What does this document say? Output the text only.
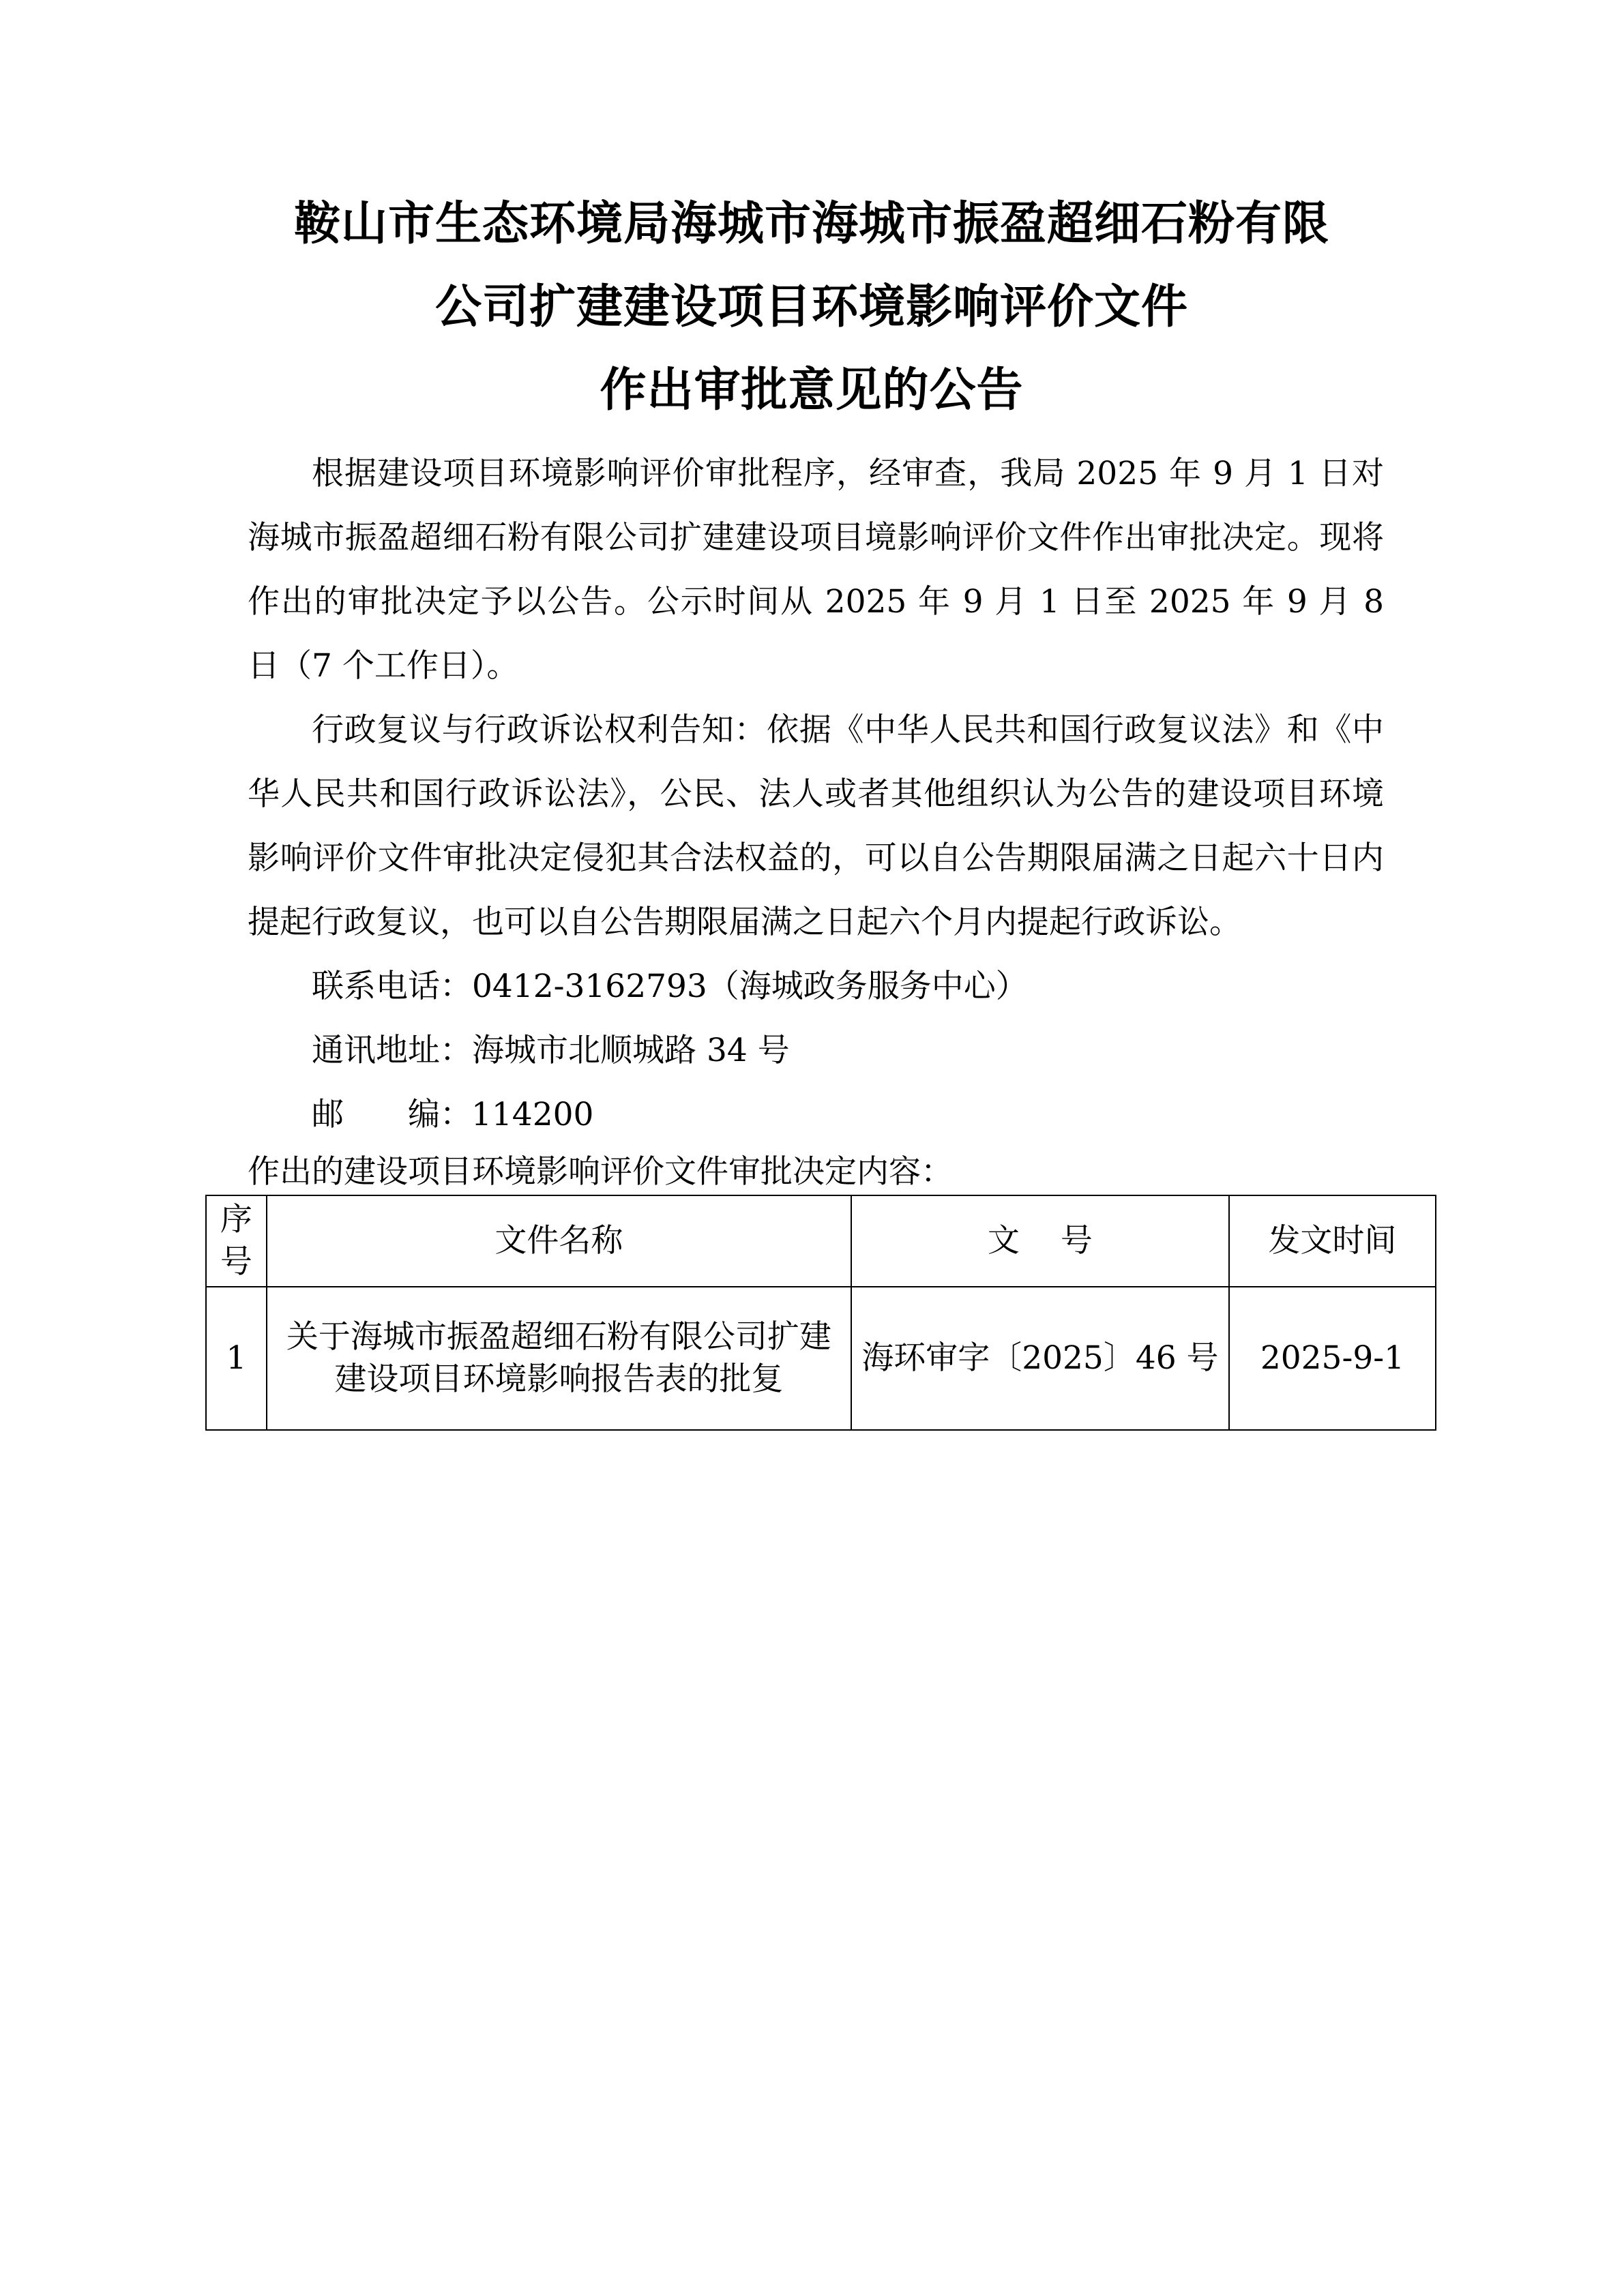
鞍山市生态环境局海城市海城市振盈超细石粉有限
公司扩建建设项目环境影响评价文件
作出审批意见的公告
根据建设项目环境影响评价审批程序，经审查，我局 2025 年 9 月 1 日对海城市振盈超细石粉有限公司扩建建设项目境影响评价文件作出审批决定。现将作出的审批决定予以公告。公示时间从 2025 年 9 月 1 日至 2025 年 9 月 8 日（7 个工作日）。
行政复议与行政诉讼权利告知：依据《中华人民共和国行政复议法》和《中华人民共和国行政诉讼法》，公民、法人或者其他组织认为公告的建设项目环境影响评价文件审批决定侵犯其合法权益的，可以自公告期限届满之日起六十日内提起行政复议，也可以自公告期限届满之日起六个月内提起行政诉讼。
联系电话：0412-3162793（海城政务服务中心）
通讯地址：海城市北顺城路 34 号
邮　　编：114200
作出的建设项目环境影响评价文件审批决定内容：
序号	文件名称	文号	发文时间
1	关于海城市振盈超细石粉有限公司扩建建设项目环境影响报告表的批复	海环审字〔2025〕46 号	2025-9-1
